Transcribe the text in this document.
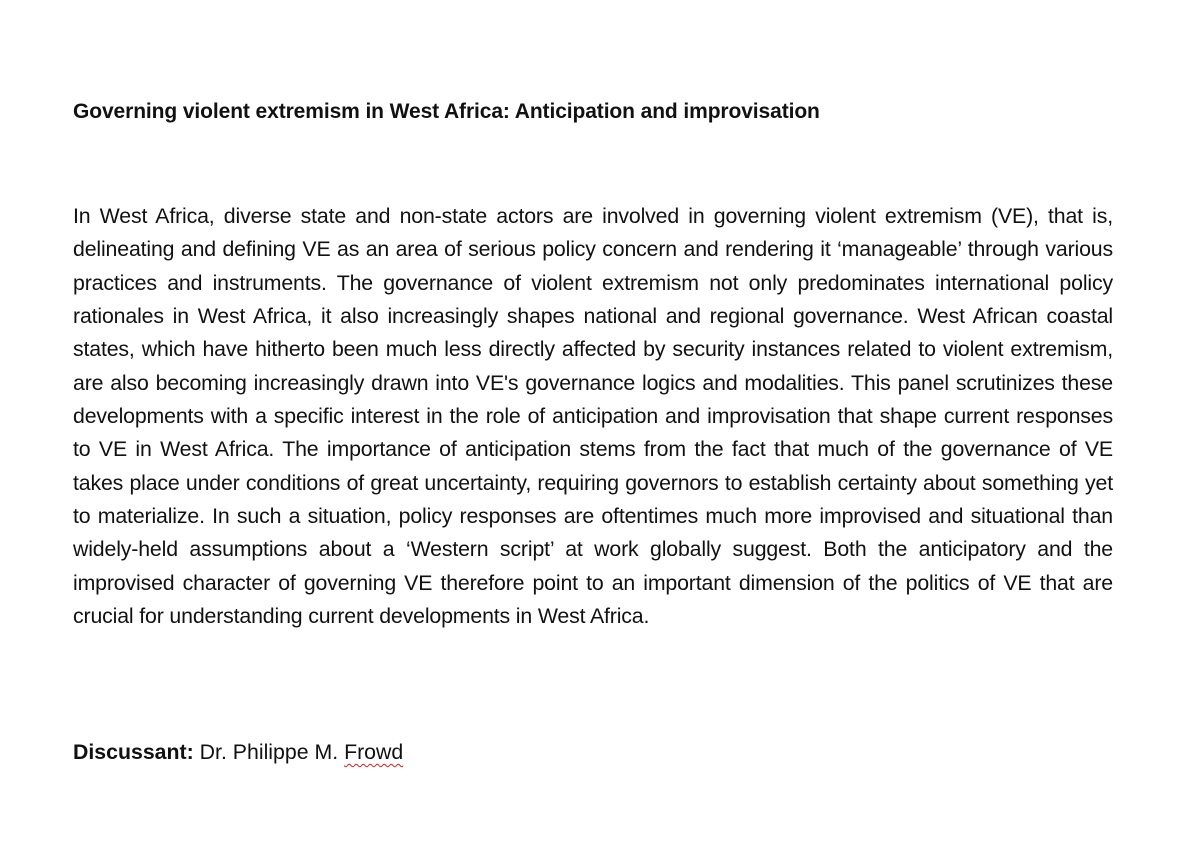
Governing violent extremism in West Africa: Anticipation and improvisation
In West Africa, diverse state and non-state actors are involved in governing violent extremism (VE), that is, delineating and defining VE as an area of serious policy concern and rendering it ‘manageable’ through various practices and instruments. The governance of violent extremism not only predominates international policy rationales in West Africa, it also increasingly shapes national and regional governance. West African coastal states, which have hitherto been much less directly affected by security instances related to violent extremism, are also becoming increasingly drawn into VE's governance logics and modalities. This panel scrutinizes these developments with a specific interest in the role of anticipation and improvisation that shape current responses to VE in West Africa. The importance of anticipation stems from the fact that much of the governance of VE takes place under conditions of great uncertainty, requiring governors to establish certainty about something yet to materialize. In such a situation, policy responses are oftentimes much more improvised and situational than widely-held assumptions about a ‘Western script’ at work globally suggest. Both the anticipatory and the improvised character of governing VE therefore point to an important dimension of the politics of VE that are crucial for understanding current developments in West Africa.
Discussant: Dr. Philippe M. Frowd
